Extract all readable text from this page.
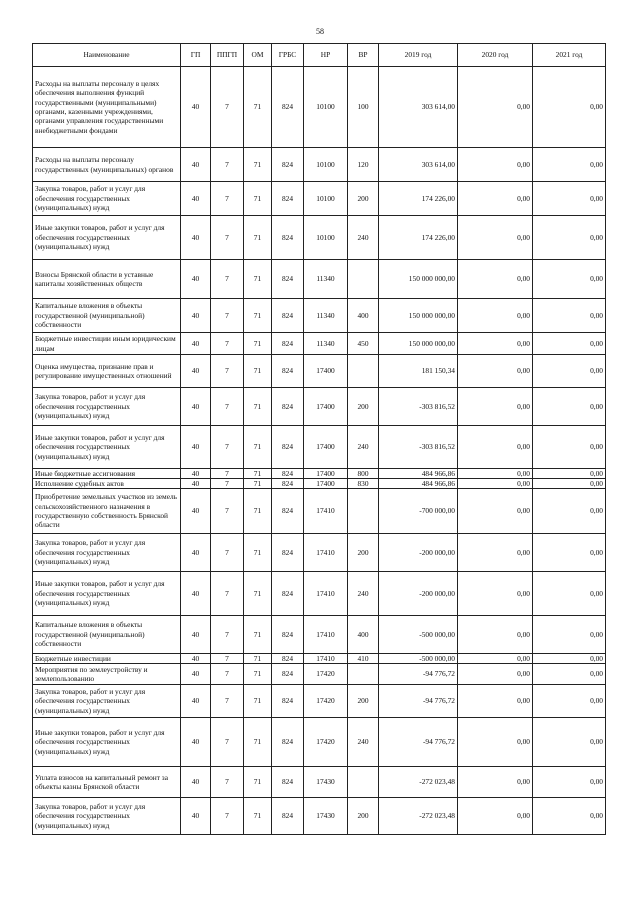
58
Наименование	ГП	ППГП	ОМ	ГРБС	НР	ВР	2019 год	2020 год	2021 год
Расходы на выплаты персоналу в целях обеспечения выполнения функций государственными (муниципальными) органами, казенными учреждениями, органами управления государственными внебюджетными фондами	40	7	71	824	10100	100	303 614,00	0,00	0,00
Расходы на выплаты персоналу государственных (муниципальных) органов	40	7	71	824	10100	120	303 614,00	0,00	0,00
Закупка товаров, работ и услуг для обеспечения государственных (муниципальных) нужд	40	7	71	824	10100	200	174 226,00	0,00	0,00
Иные закупки товаров, работ и услуг для обеспечения государственных (муниципальных) нужд	40	7	71	824	10100	240	174 226,00	0,00	0,00
Взносы Брянской области в уставные капиталы хозяйственных обществ	40	7	71	824	11340		150 000 000,00	0,00	0,00
Капитальные вложения в объекты государственной (муниципальной) собственности	40	7	71	824	11340	400	150 000 000,00	0,00	0,00
Бюджетные инвестиции иным юридическим лицам	40	7	71	824	11340	450	150 000 000,00	0,00	0,00
Оценка имущества, признание прав и регулирование имущественных отношений	40	7	71	824	17400		181 150,34	0,00	0,00
Закупка товаров, работ и услуг для обеспечения государственных (муниципальных) нужд	40	7	71	824	17400	200	-303 816,52	0,00	0,00
Иные закупки товаров, работ и услуг для обеспечения государственных (муниципальных) нужд	40	7	71	824	17400	240	-303 816,52	0,00	0,00
Иные бюджетные ассигнования	40	7	71	824	17400	800	484 966,86	0,00	0,00
Исполнение судебных актов	40	7	71	824	17400	830	484 966,86	0,00	0,00
Приобретение земельных участков из земель сельскохозяйственного назначения в государственную собственность Брянской области	40	7	71	824	17410		-700 000,00	0,00	0,00
Закупка товаров, работ и услуг для обеспечения государственных (муниципальных) нужд	40	7	71	824	17410	200	-200 000,00	0,00	0,00
Иные закупки товаров, работ и услуг для обеспечения государственных (муниципальных) нужд	40	7	71	824	17410	240	-200 000,00	0,00	0,00
Капитальные вложения в объекты государственной (муниципальной) собственности	40	7	71	824	17410	400	-500 000,00	0,00	0,00
Бюджетные инвестиции	40	7	71	824	17410	410	-500 000,00	0,00	0,00
Мероприятия по землеустройству и землепользованию	40	7	71	824	17420		-94 776,72	0,00	0,00
Закупка товаров, работ и услуг для обеспечения государственных (муниципальных) нужд	40	7	71	824	17420	200	-94 776,72	0,00	0,00
Иные закупки товаров, работ и услуг для обеспечения государственных (муниципальных) нужд	40	7	71	824	17420	240	-94 776,72	0,00	0,00
Уплата взносов на капитальный ремонт за объекты казны Брянской области	40	7	71	824	17430		-272 023,48	0,00	0,00
Закупка товаров, работ и услуг для обеспечения государственных (муниципальных) нужд	40	7	71	824	17430	200	-272 023,48	0,00	0,00
